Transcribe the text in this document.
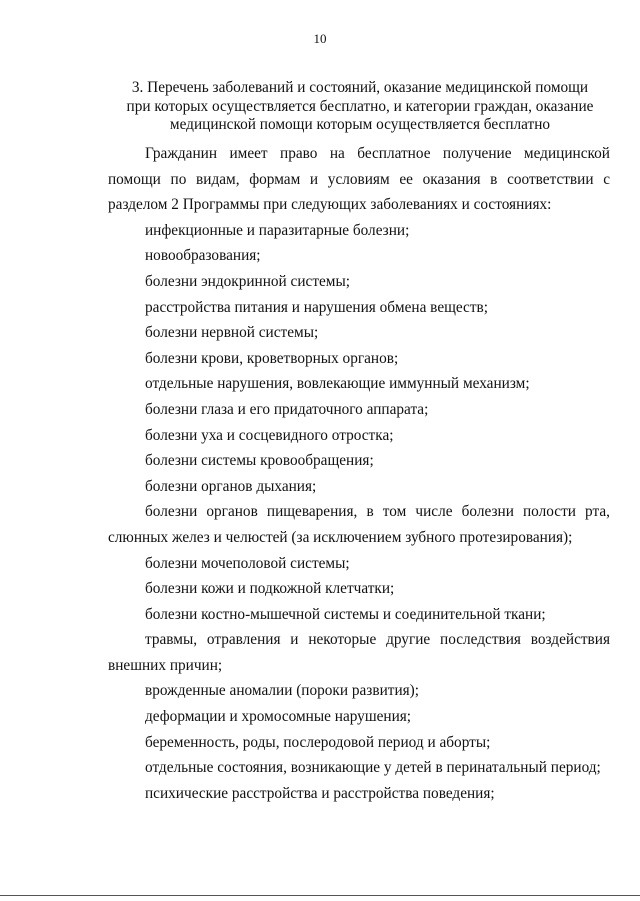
10
3. Перечень заболеваний и состояний, оказание медицинской помощи
при которых осуществляется бесплатно, и категории граждан, оказание
медицинской помощи которым осуществляется бесплатно

Гражданин имеет право на бесплатное получение медицинской помощи по видам, формам и условиям ее оказания в соответствии с разделом 2 Программы при следующих заболеваниях и состояниях:

инфекционные и паразитарные болезни;
новообразования;
болезни эндокринной системы;
расстройства питания и нарушения обмена веществ;
болезни нервной системы;
болезни крови, кроветворных органов;
отдельные нарушения, вовлекающие иммунный механизм;
болезни глаза и его придаточного аппарата;
болезни уха и сосцевидного отростка;
болезни системы кровообращения;
болезни органов дыхания;
болезни органов пищеварения, в том числе болезни полости рта, слюнных желез и челюстей (за исключением зубного протезирования);
болезни мочеполовой системы;
болезни кожи и подкожной клетчатки;
болезни костно-мышечной системы и соединительной ткани;
травмы, отравления и некоторые другие последствия воздействия внешних причин;
врожденные аномалии (пороки развития);
деформации и хромосомные нарушения;
беременность, роды, послеродовой период и аборты;
отдельные состояния, возникающие у детей в перинатальный период;
психические расстройства и расстройства поведения;
